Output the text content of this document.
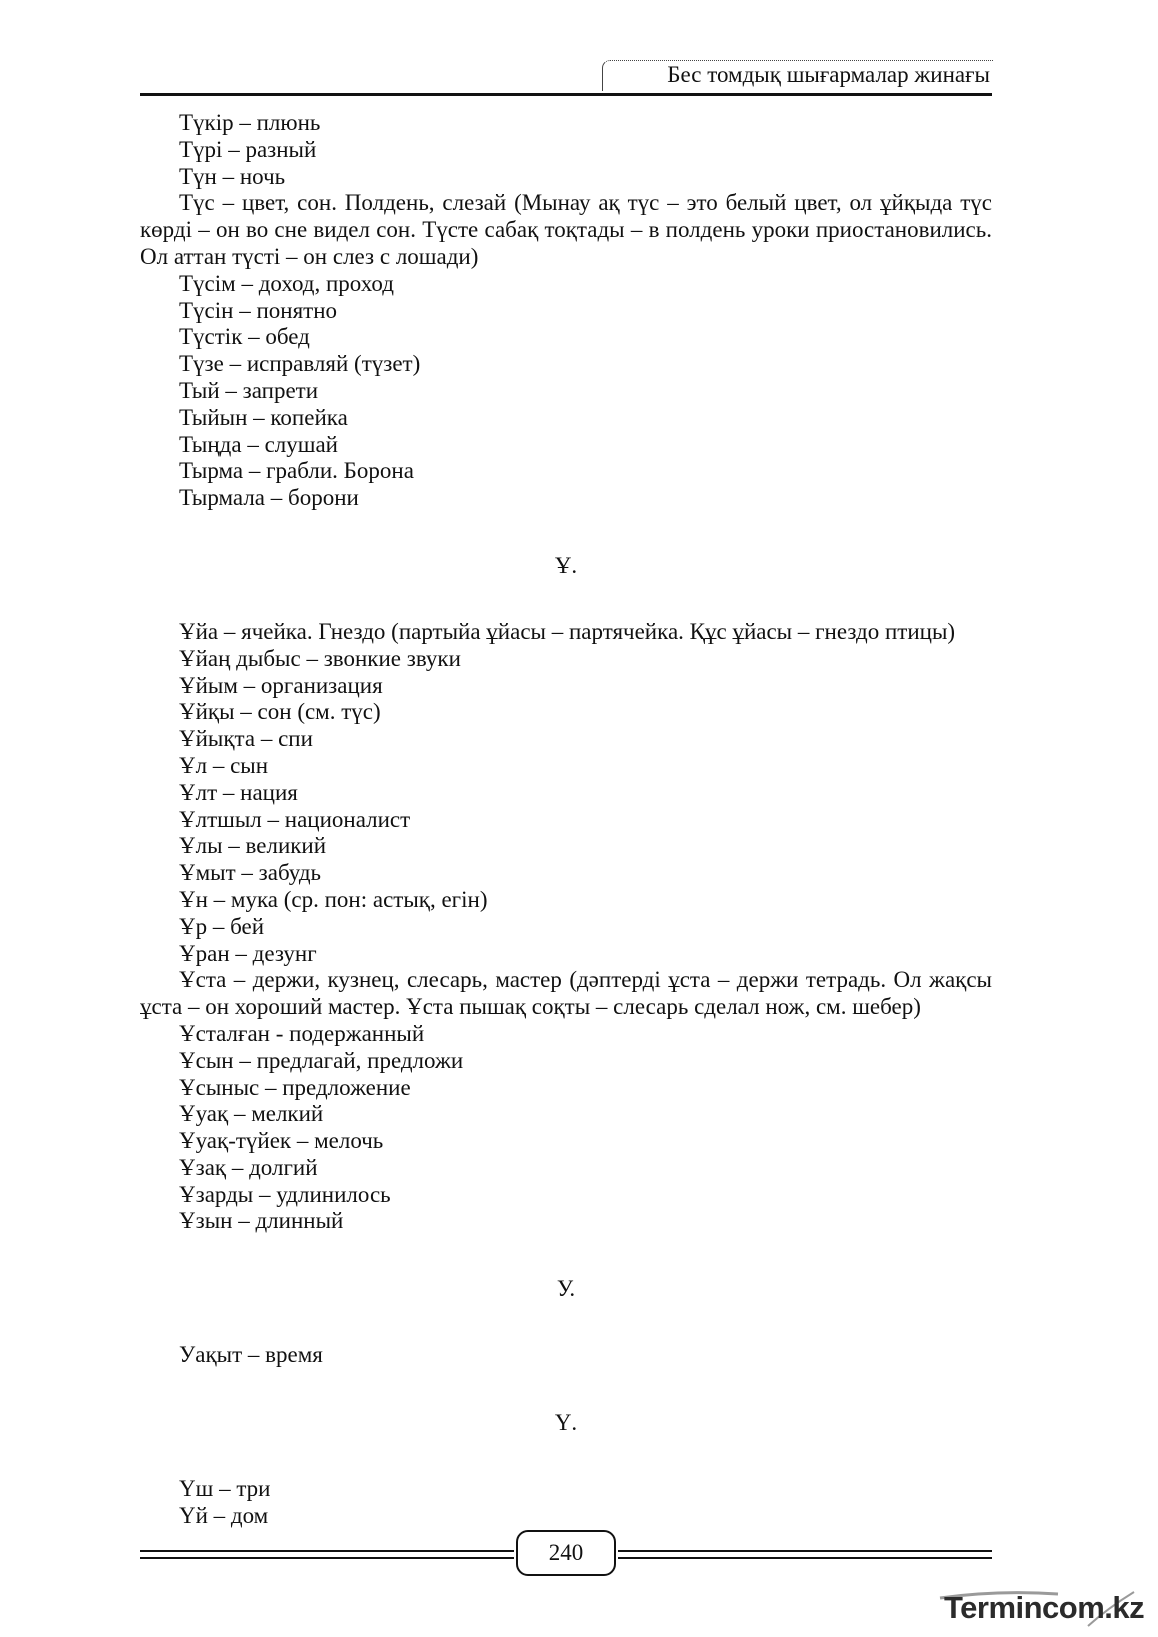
Бес томдық шығармалар жинағы

Түкір – плюнь

Түрі – разный

Түн – ночь

Түс – цвет, сон. Полдень, слезай (Мынау ақ түс – это белый цвет, ол ұйқыда түс көрді – он во сне видел сон. Түсте сабақ тоқтады – в полдень уроки приостановились. Ол аттан түсті – он слез с лошади)

Түсім – доход, проход

Түсін – понятно

Түстік – обед

Түзе – исправляй (түзет)

Тый – запрети

Тыйын – копейка

Тыңда – слушай

Тырма – грабли. Борона

Тырмала – борони

Ұ.

Ұйа – ячейка. Гнездо (партыйа ұйасы – партячейка. Құс ұйасы – гнездо птицы)

Ұйаң дыбыс – звонкие звуки

Ұйым – организация

Ұйқы – сон (см. түс)

Ұйықта – спи

Ұл – сын

Ұлт – нация

Ұлтшыл – националист

Ұлы – великий

Ұмыт – забудь

Ұн – мука (ср. пон: астық, егін)

Ұр – бей

Ұран – дезунг

Ұста – держи, кузнец, слесарь, мастер (дәптерді ұста – держи тетрадь. Ол жақсы ұста – он хороший мастер. Ұста пышақ соқты – слесарь сделал нож, см. шебер)

Ұсталған - подержанный

Ұсын – предлагай, предложи

Ұсыныс – предложение

Ұуақ – мелкий

Ұуақ-түйек – мелочь

Ұзақ – долгий

Ұзарды – удлинилось

Ұзын – длинный

У.

Уақыт – время

Ү.

Үш – три

Үй – дом

240
Termincom.kz
